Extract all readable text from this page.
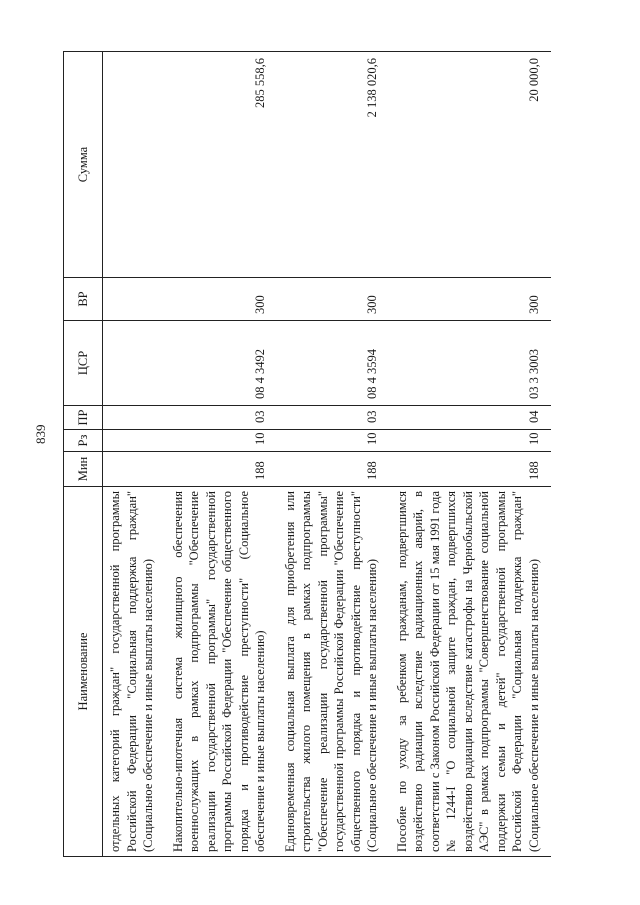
839
Наименование	Мин	Рз	ПР	ЦСР	ВР	Сумма
отдельных категорий граждан" государственной программы Российской Федерации "Социальная поддержка граждан" (Социальное обеспечение и иные выплаты населению)						
Накопительно-ипотечная система жилищного обеспечения военнослужащих в рамках подпрограммы "Обеспечение реализации государственной программы" государственной программы Российской Федерации "Обеспечение общественного порядка и противодействие преступности" (Социальное обеспечение и иные выплаты населению)	188	10	03	08 4 3492	300	285 558,6
Единовременная социальная выплата для приобретения или строительства жилого помещения в рамках подпрограммы "Обеспечение реализации государственной программы" государственной программы Российской Федерации "Обеспечение общественного порядка и противодействие преступности" (Социальное обеспечение и иные выплаты населению)	188	10	03	08 4 3594	300	2 138 020,6
Пособие по уходу за ребенком гражданам, подвергшимся воздействию радиации вследствие радиационных аварий, в соответствии с Законом Российской Федерации от 15 мая 1991 года № 1244-I "О социальной защите граждан, подвергшихся воздействию радиации вследствие катастрофы на Чернобыльской АЭС" в рамках подпрограммы "Совершенствование социальной поддержки семьи и детей" государственной программы Российской Федерации "Социальная поддержка граждан" (Социальное обеспечение и иные выплаты населению)	188	10	04	03 3 3003	300	20 000,0
